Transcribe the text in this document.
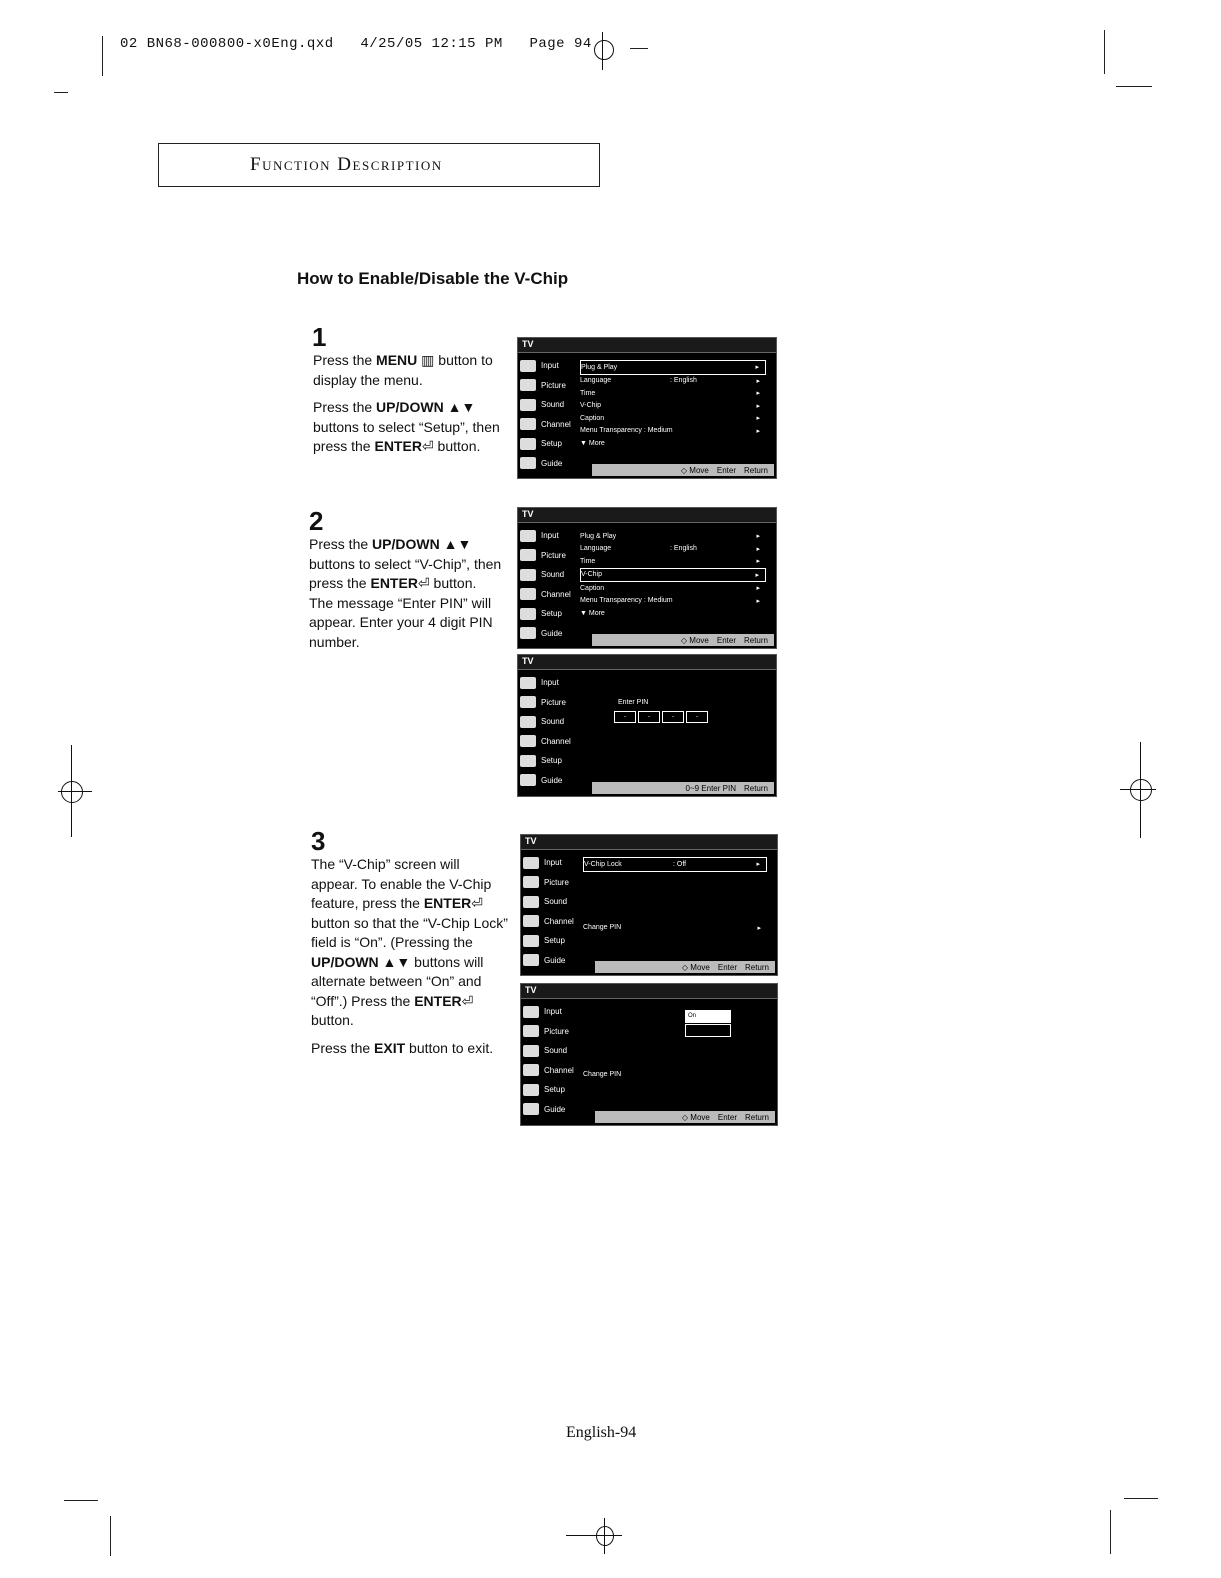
02 BN68-000800-x0Eng.qxd   4/25/05 12:15 PM   Page 94
Function Description
How to Enable/Disable the V-Chip
1

Press the MENU ▥ button to display the menu.

Press the UP/DOWN ▲▼ buttons to select “Setup”, then press the ENTER⏎ button.

2

Press the UP/DOWN ▲▼ buttons to select “V-Chip”, then press the ENTER⏎ button.

The message “Enter PIN” will appear. Enter your 4 digit PIN number.

3

The “V-Chip” screen will appear. To enable the V-Chip feature, press the ENTER⏎ button so that the “V-Chip Lock” field is “On”. (Pressing the UP/DOWN ▲▼ buttons will alternate between “On” and “Off”.) Press the ENTER⏎ button.

Press the EXIT button to exit.

TV
Input
Picture
Sound
Channel
Setup
Guide
Plug & Play	▸
Language	: English	▸
Time	▸
V-Chip	▸
Caption	▸
Menu Transparency : Medium	▸
▼ More
◇ Move Enter Return
TV
Input
Picture
Sound
Channel
Setup
Guide
Plug & Play	▸
Language	: English	▸
Time	▸
V-Chip	▸
Caption	▸
Menu Transparency : Medium	▸
▼ More
◇ Move Enter Return
TV
Input
Picture
Sound
Channel
Setup
Guide
Enter PIN
-	-	-	-
0~9 Enter PIN Return
TV
Input
Picture
Sound
Channel
Setup
Guide
V-Chip Lock	: Off	▸
Change PIN	▸
◇ Move Enter Return
TV
Input
Picture
Sound
Channel
Setup
Guide
Change PIN
On
◇ Move Enter Return
English-94
